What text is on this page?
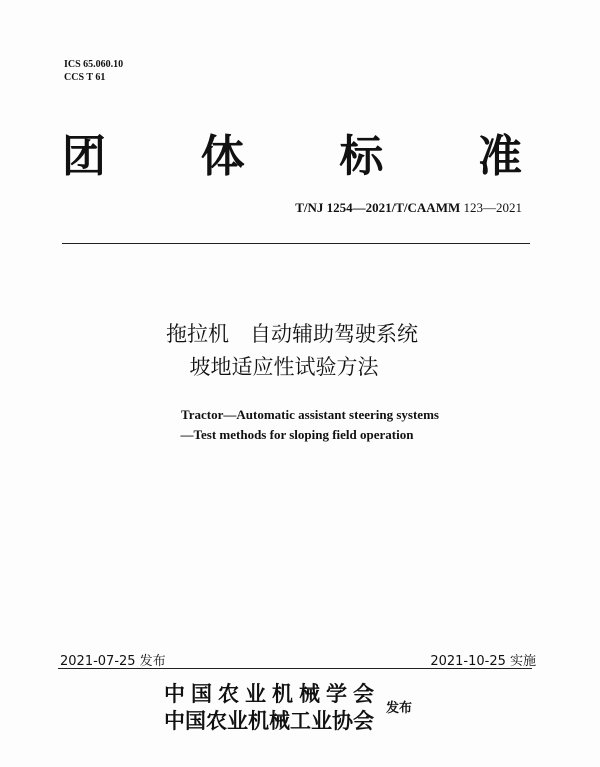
ICS 65.060.10
CCS T 61
团 体 标 准
T/NJ 1254—2021/T/CAAMM 123—2021
拖拉机　自动辅助驾驶系统
坡地适应性试验方法
Tractor—Automatic assistant steering systems
—Test methods for sloping field operation
2021-07-25 发布	2021-10-25 实施
中国农业机械学会
中国农业机械工业协会
发布
